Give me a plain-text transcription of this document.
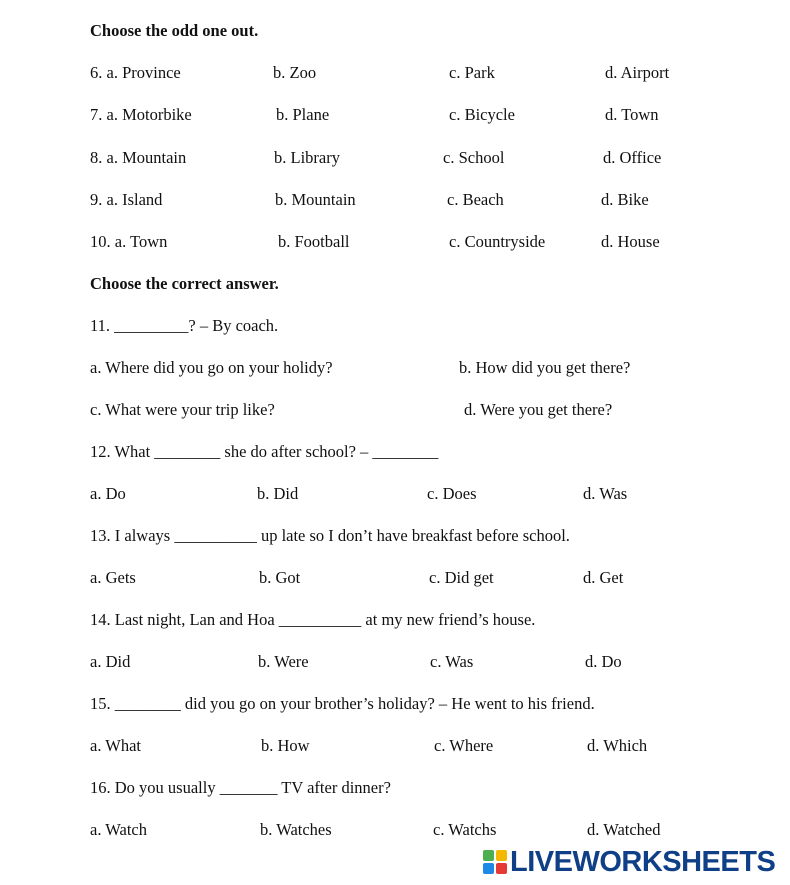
Choose the odd one out.
6. a. Province	b. Zoo	c. Park	d. Airport
7. a. Motorbike	b. Plane	c. Bicycle	d. Town
8. a. Mountain	b. Library	c. School	d. Office
9. a. Island	b. Mountain	c. Beach	d. Bike
10. a. Town	b. Football	c. Countryside	d. House
Choose the correct answer.
11. _________? – By coach.
a. Where did you go on your holidy?	b. How did you get there?
c. What were your trip like?	d. Were you get there?
12. What ________ she do after school? – ________
a. Do	b. Did	c. Does	d. Was
13. I always __________ up late so I don’t have breakfast before school.
a. Gets	b. Got	c. Did get	d. Get
14. Last night, Lan and Hoa __________ at my new friend’s house.
a. Did	b. Were	c. Was	d. Do
15. ________ did you go on your brother’s holiday? – He went to his friend.
a. What	b. How	c. Where	d. Which
16. Do you usually _______ TV after dinner?
a. Watch	b. Watches	c. Watchs	d. Watched
LIVEWORKSHEETS
